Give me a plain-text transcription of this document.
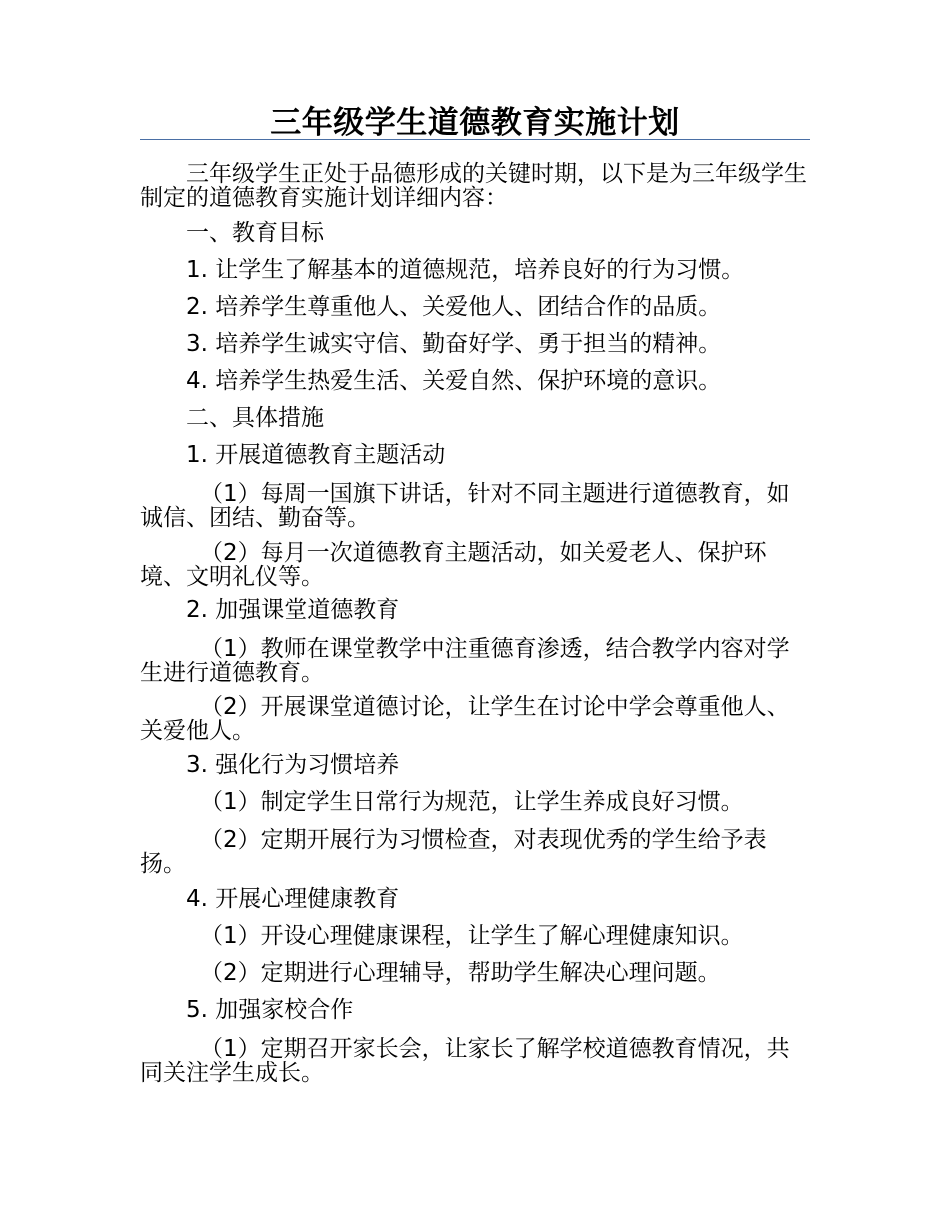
三年级学生道德教育实施计划

三年级学生正处于品德形成的关键时期，以下是为三年级学生制定的道德教育实施计划详细内容：

一、教育目标

1. 让学生了解基本的道德规范，培养良好的行为习惯。

2. 培养学生尊重他人、关爱他人、团结合作的品质。

3. 培养学生诚实守信、勤奋好学、勇于担当的精神。

4. 培养学生热爱生活、关爱自然、保护环境的意识。

二、具体措施

1. 开展道德教育主题活动

（1）每周一国旗下讲话，针对不同主题进行道德教育，如诚信、团结、勤奋等。

（2）每月一次道德教育主题活动，如关爱老人、保护环境、文明礼仪等。

2. 加强课堂道德教育

（1）教师在课堂教学中注重德育渗透，结合教学内容对学生进行道德教育。

（2）开展课堂道德讨论，让学生在讨论中学会尊重他人、关爱他人。

3. 强化行为习惯培养

（1）制定学生日常行为规范，让学生养成良好习惯。

（2）定期开展行为习惯检查，对表现优秀的学生给予表扬。

4. 开展心理健康教育

（1）开设心理健康课程，让学生了解心理健康知识。

（2）定期进行心理辅导，帮助学生解决心理问题。

5. 加强家校合作

（1）定期召开家长会，让家长了解学校道德教育情况，共同关注学生成长。
